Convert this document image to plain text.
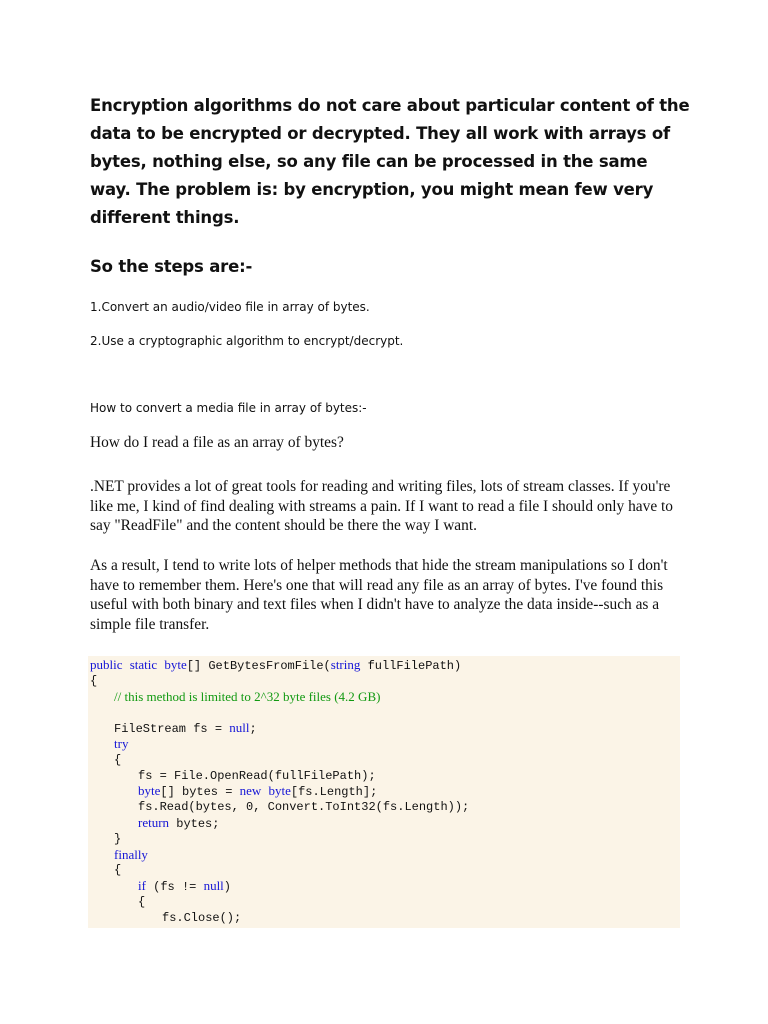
Encryption algorithms do not care about particular content of the data to be encrypted or decrypted. They all work with arrays of bytes, nothing else, so any file can be processed in the same way. The problem is: by encryption, you might mean few very different things.

So the steps are:-

1.Convert an audio/video file in array of bytes.

2.Use a cryptographic algorithm to encrypt/decrypt.

How to convert a media file in array of bytes:-

How do I read a file as an array of bytes?

.NET provides a lot of great tools for reading and writing files, lots of stream classes. If you're like me, I kind of find dealing with streams a pain. If I want to read a file I should only have to say "ReadFile" and the content should be there the way I want.

As a result, I tend to write lots of helper methods that hide the stream manipulations so I don't have to remember them. Here's one that will read any file as an array of bytes. I've found this useful with both binary and text files when I didn't have to analyze the data inside--such as a simple file transfer.

public static byte[] GetBytesFromFile(string fullFilePath)
{
// this method is limited to 2^32 byte files (4.2 GB)
FileStream fs = null;
try
{
fs = File.OpenRead(fullFilePath);
byte[] bytes = new byte[fs.Length];
fs.Read(bytes, 0, Convert.ToInt32(fs.Length));
return bytes;
}
finally
{
if (fs != null)
{
fs.Close();
